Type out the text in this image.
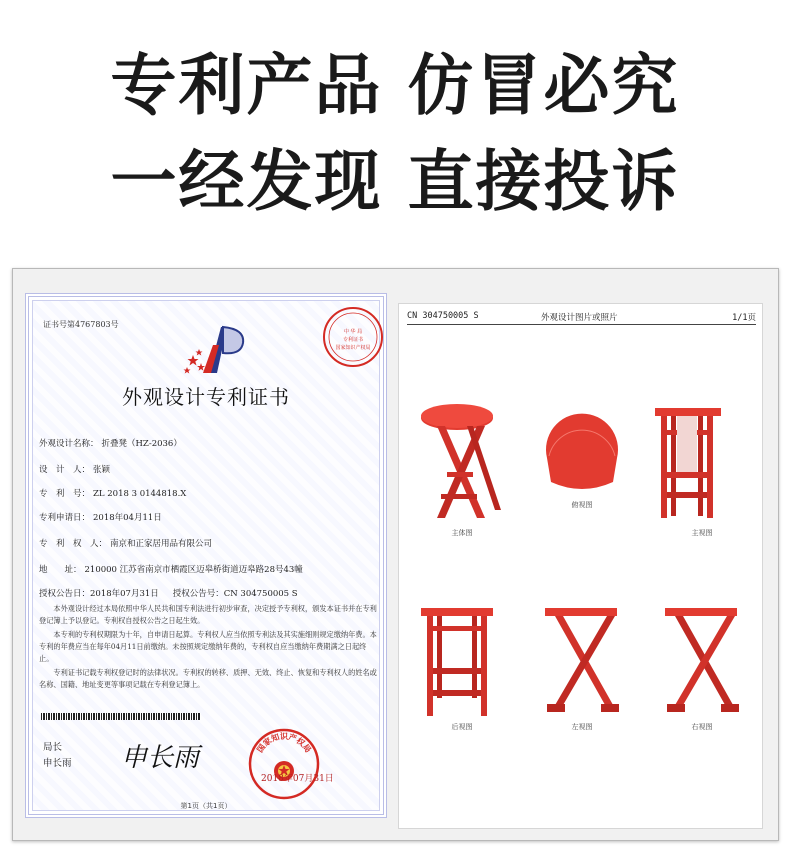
专利产品 仿冒必究
一经发现 直接投诉
证书号第4767803号
中 华 局
专利证书
国家知识产权局
外观设计专利证书
外观设计名称： 折叠凳（HZ-2036）
设　计　人： 张颖
专　利　号： ZL 2018 3 0144818.X
专利申请日： 2018年04月11日
专　利　权　人： 南京和正家居用品有限公司
地　　址： 210000 江苏省南京市栖霞区迈皋桥街道迈皋路28号43幢
授权公告日：2018年07月31日 授权公告号：CN 304750005 S
本外观设计经过本局依照中华人民共和国专利法进行初步审查，决定授予专利权，颁发本证书并在专利登记簿上予以登记。专利权自授权公告之日起生效。
本专利的专利权期限为十年，自申请日起算。专利权人应当依照专利法及其实施细则规定缴纳年费。本专利的年费应当在每年04月11日前缴纳。未按照规定缴纳年费的，专利权自应当缴纳年费期满之日起终止。
专利证书记载专利权登记时的法律状况。专利权的转移、质押、无效、终止、恢复和专利权人的姓名或名称、国籍、地址变更等事项记载在专利登记簿上。
局长
申长雨 申长雨	国家知识产权局
2018年07月31日
第1页（共1页）
CN 304750005 S	外观设计图片或照片	1/1页
主体图
俯视图
主视图
后视图	左视图	右视图
